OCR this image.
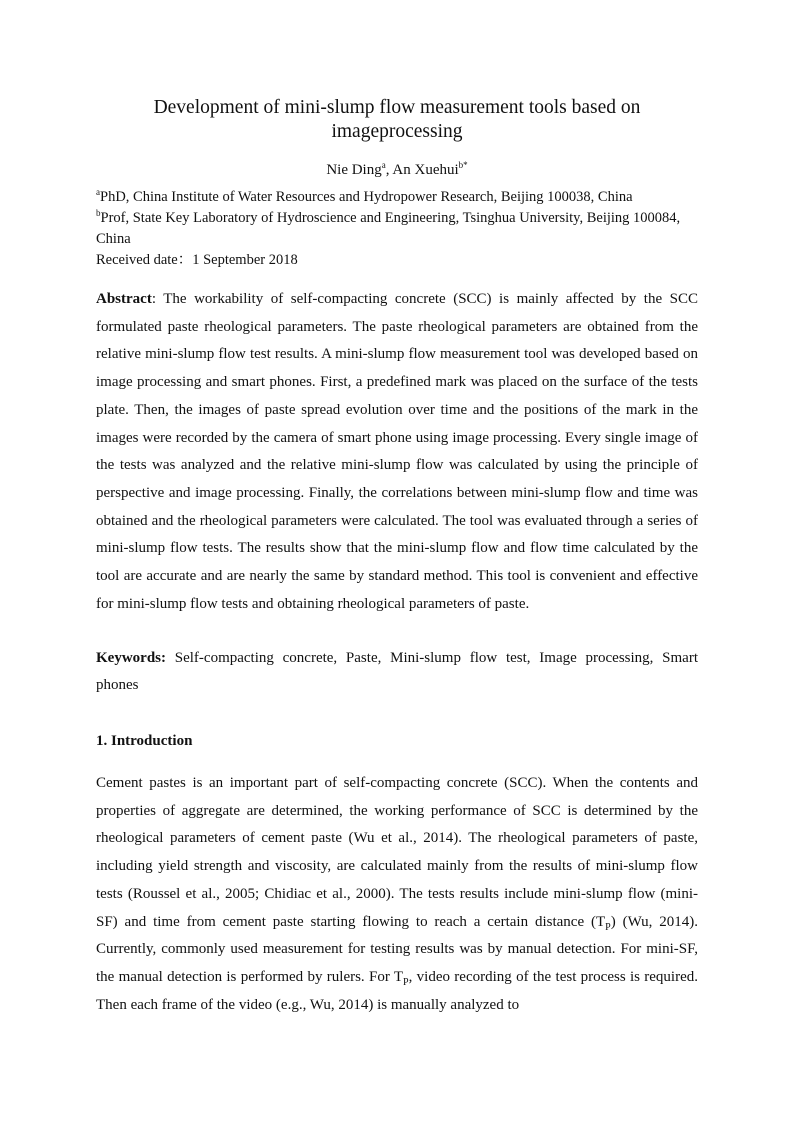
Development of mini-slump flow measurement tools based on imageprocessing
Nie Ding$^a$, An Xuehui$^{b*}$
$^a$PhD, China Institute of Water Resources and Hydropower Research, Beijing 100038, China
$^b$Prof, State Key Laboratory of Hydroscience and Engineering, Tsinghua University, Beijing 100084, China
Received date：1 September 2018
Abstract: The workability of self-compacting concrete (SCC) is mainly affected by the SCC formulated paste rheological parameters. The paste rheological parameters are obtained from the relative mini-slump flow test results. A mini-slump flow measurement tool was developed based on image processing and smart phones. First, a predefined mark was placed on the surface of the tests plate. Then, the images of paste spread evolution over time and the positions of the mark in the images were recorded by the camera of smart phone using image processing. Every single image of the tests was analyzed and the relative mini-slump flow was calculated by using the principle of perspective and image processing. Finally, the correlations between mini-slump flow and time was obtained and the rheological parameters were calculated. The tool was evaluated through a series of mini-slump flow tests. The results show that the mini-slump flow and flow time calculated by the tool are accurate and are nearly the same by standard method. This tool is convenient and effective for mini-slump flow tests and obtaining rheological parameters of paste.
Keywords: Self-compacting concrete, Paste, Mini-slump flow test, Image processing, Smart phones
1. Introduction
Cement pastes is an important part of self-compacting concrete (SCC). When the contents and properties of aggregate are determined, the working performance of SCC is determined by the rheological parameters of cement paste (Wu et al., 2014). The rheological parameters of paste, including yield strength and viscosity, are calculated mainly from the results of mini-slump flow tests (Roussel et al., 2005; Chidiac et al., 2000). The tests results include mini-slump flow (mini-SF) and time from cement paste starting flowing to reach a certain distance $(T_P)$ (Wu, 2014). Currently, commonly used measurement for testing results was by manual detection. For mini-SF, the manual detection is performed by rulers. For $T_P$, video recording of the test process is required. Then each frame of the video (e.g., Wu, 2014) is manually analyzed to
